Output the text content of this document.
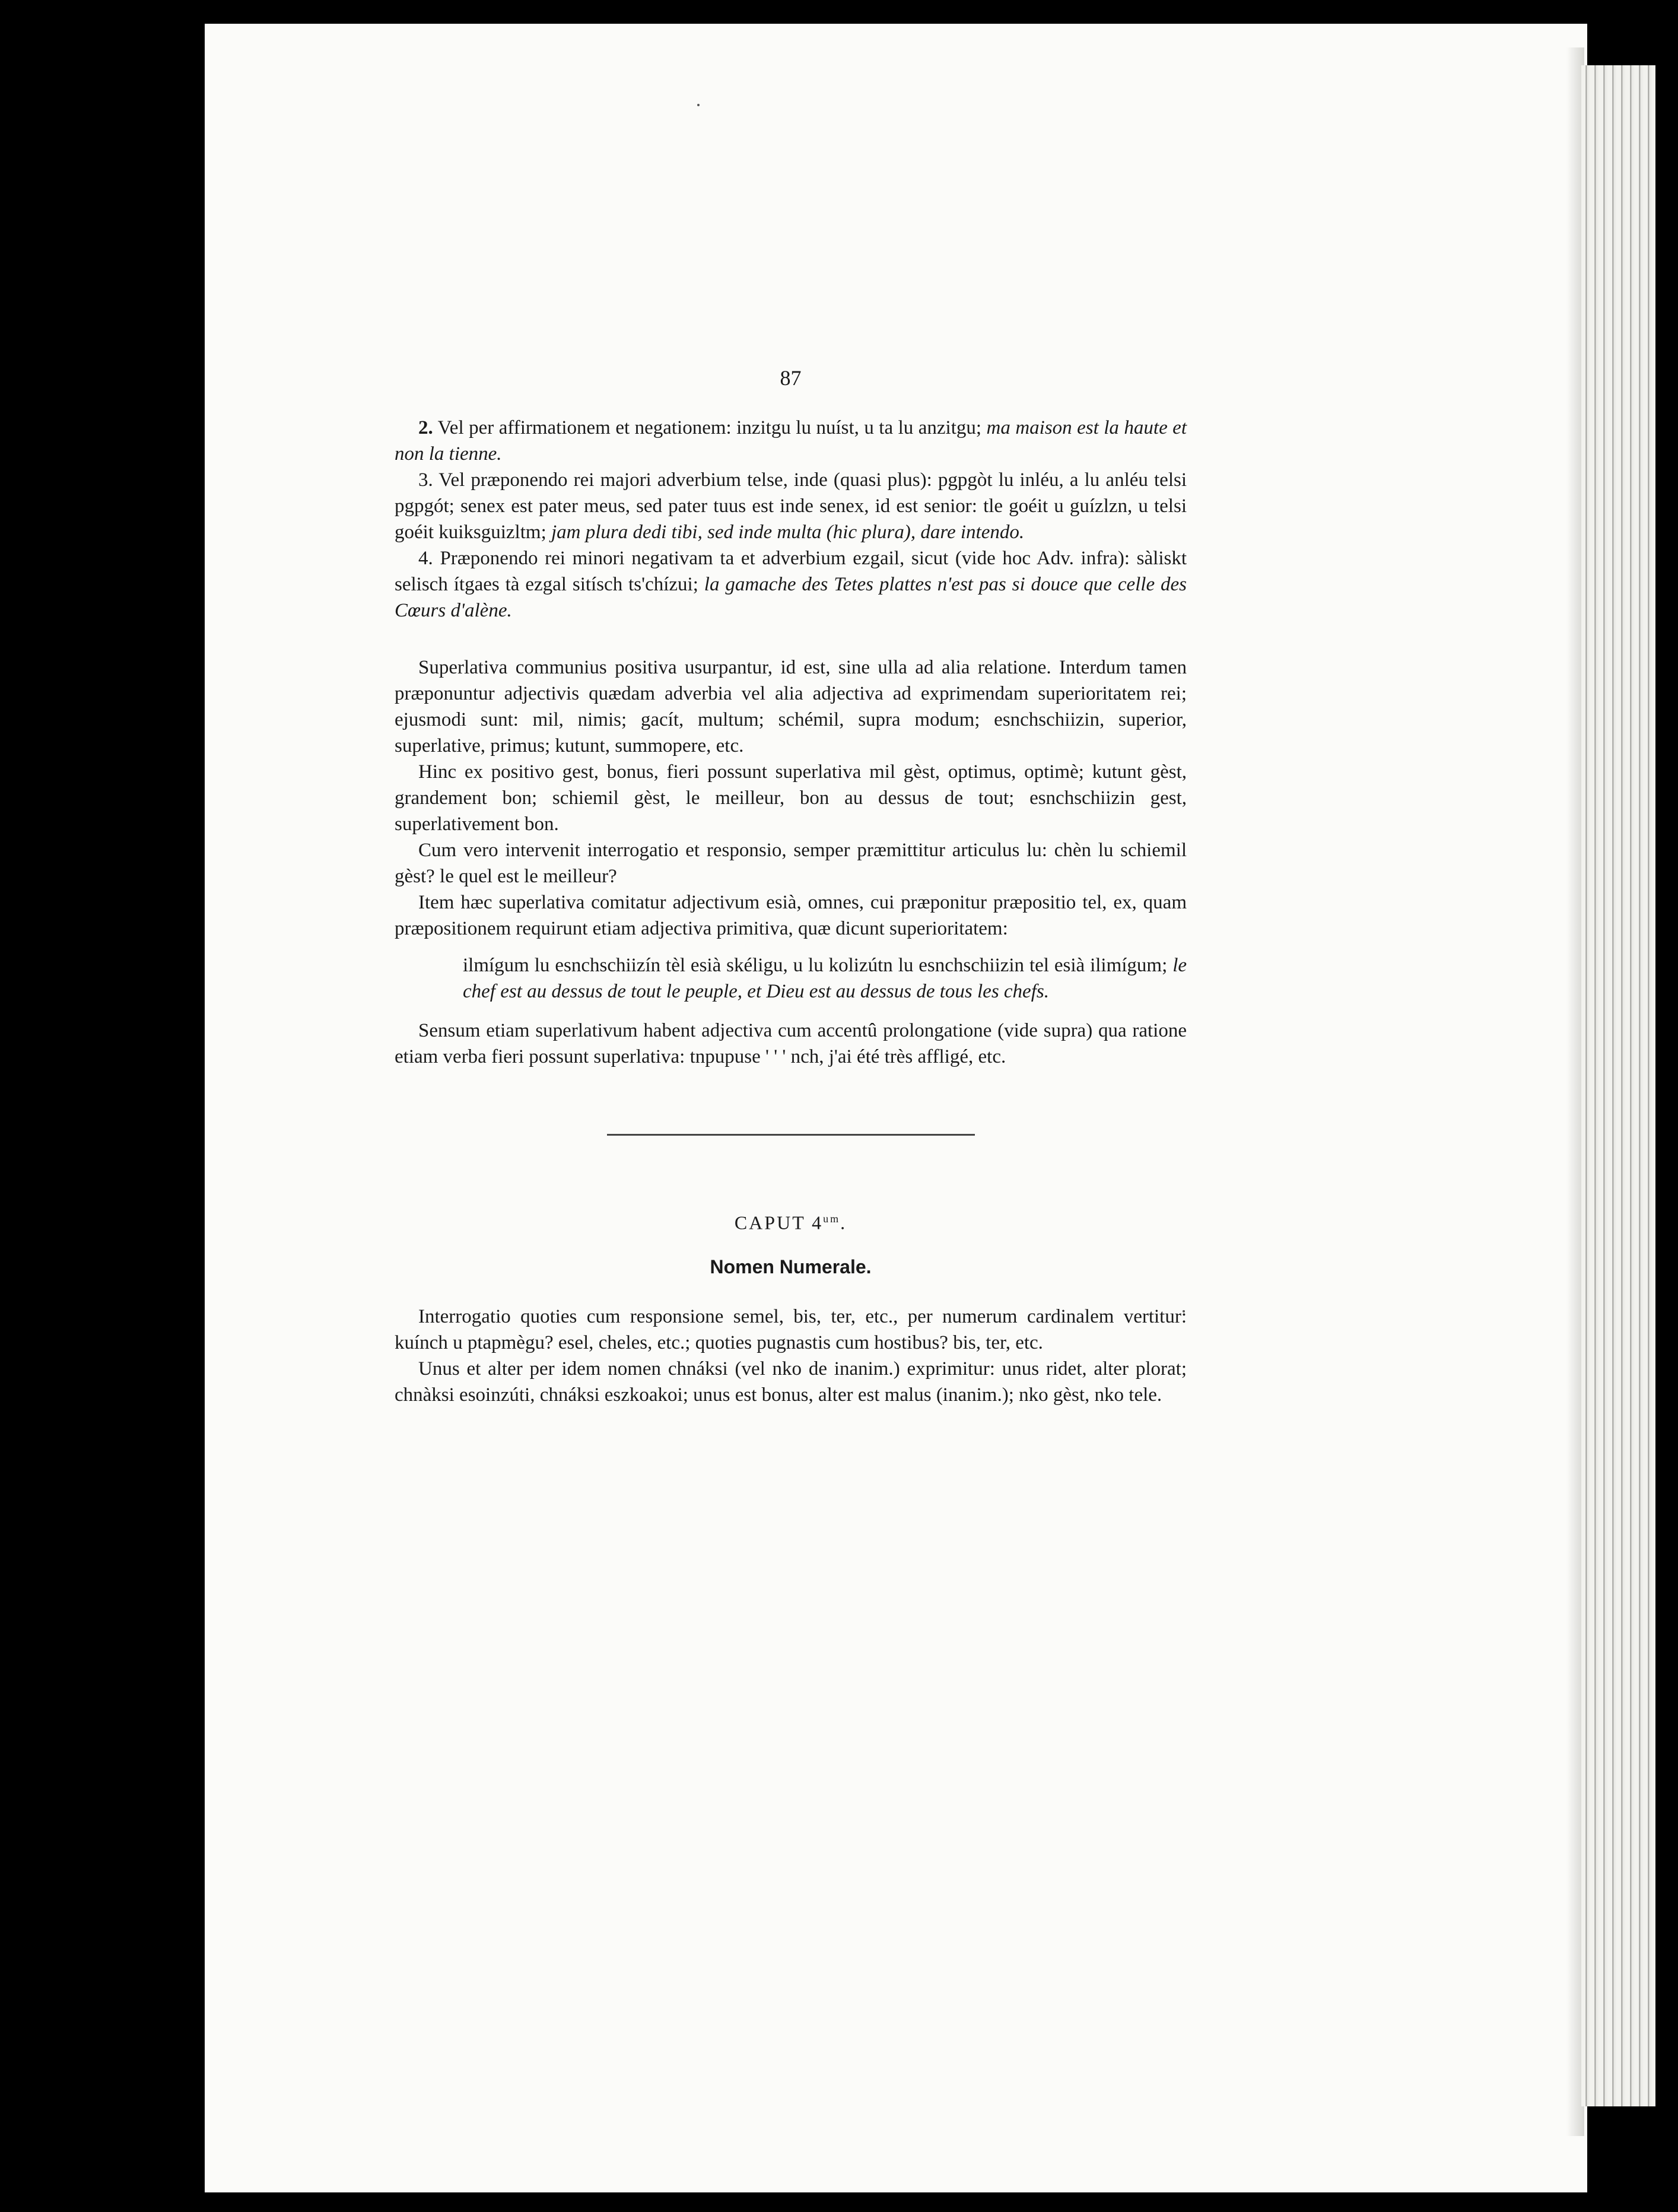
87

2. Vel per affirmationem et negationem: inzitgu lu nuíst, u ta lu anzitgu; ma maison est la haute et non la tienne.

3. Vel præponendo rei majori adverbium telse, inde (quasi plus): pgpgòt lu inléu, a lu anléu telsi pgpgót; senex est pater meus, sed pater tuus est inde senex, id est senior: tle goéit u guízlzn, u telsi goéit kuiksguizltm; jam plura dedi tibi, sed inde multa (hic plura), dare intendo.

4. Præponendo rei minori negativam ta et adverbium ezgail, sicut (vide hoc Adv. infra): sàliskt selisch ítgaes tà ezgal sitísch ts'chízui; la gamache des Tetes plattes n'est pas si douce que celle des Cœurs d'alène.

Superlativa communius positiva usurpantur, id est, sine ulla ad alia relatione. Interdum tamen præponuntur adjectivis quædam adverbia vel alia adjectiva ad exprimendam superioritatem rei; ejusmodi sunt: mil, nimis; gacít, multum; schémil, supra modum; esnchschiizin, superior, superlative, primus; kutunt, summopere, etc.

Hinc ex positivo gest, bonus, fieri possunt superlativa mil gèst, optimus, optimè; kutunt gèst, grandement bon; schiemil gèst, le meilleur, bon au dessus de tout; esnchschiizin gest, superlativement bon.

Cum vero intervenit interrogatio et responsio, semper præmittitur articulus lu: chèn lu schiemil gèst? le quel est le meilleur?

Item hæc superlativa comitatur adjectivum esià, omnes, cui præponitur præpositio tel, ex, quam præpositionem requirunt etiam adjectiva primitiva, quæ dicunt superioritatem:

ilmígum lu esnchschiizín tèl esià skéligu, u lu kolizútn lu esnchschiizin tel esià ilimígum; le chef est au dessus de tout le peuple, et Dieu est au dessus de tous les chefs.

Sensum etiam superlativum habent adjectiva cum accentû prolongatione (vide supra) qua ratione etiam verba fieri possunt superlativa: tnpupuse ' ' ' nch, j'ai été très affligé, etc.

CAPUT $4^{um}$.
Nomen Numerale.

Interrogatio quoties cum responsione semel, bis, ter, etc., per numerum cardinalem vertitur: kuínch u ptapmègu? esel, cheles, etc.; quoties pugnastis cum hostibus? bis, ter, etc.

Unus et alter per idem nomen chnáksi (vel nko de inanim.) exprimitur: unus ridet, alter plorat; chnàksi esoinzúti, chnáksi eszkoakoi; unus est bonus, alter est malus (inanim.); nko gèst, nko tele.
